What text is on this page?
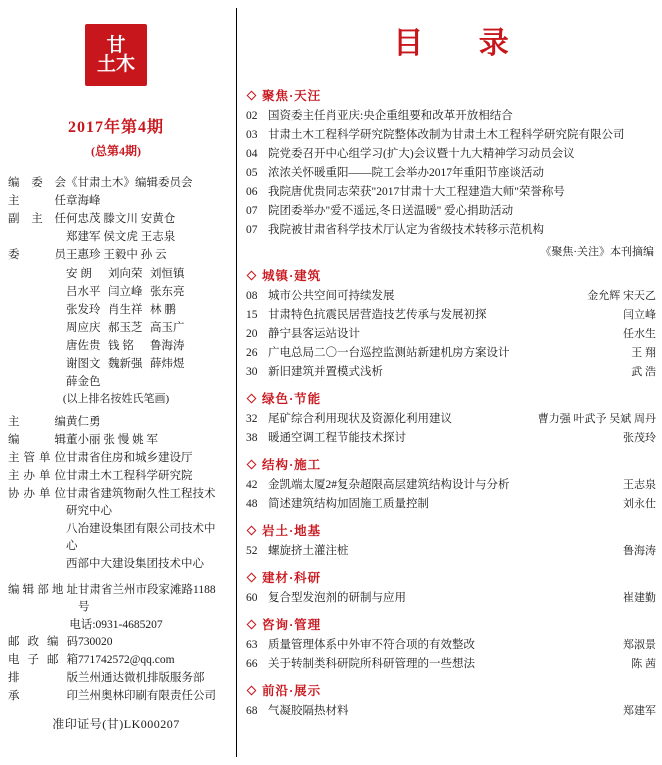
甘
土木
2017年第4期
(总第4期)
编委会 《甘肃土木》编辑委员会
主 任 章海峰
副主任 何忠茂 滕文川 安黄仓
郑建军 侯文虎 王志泉
委 员 王惠珍 王毅中 孙 云
安 朗	刘向荣 刘恒镇
吕水平 闫立峰 张东亮
张发玲 肖生祥 林 鹏
周应庆 郝玉芝 高玉广
唐佐贵 钱 铭	鲁海涛
谢图文 魏新强 薛炜煜
薛金色
(以上排名按姓氏笔画)
主 编 黄仁勇
编 辑 董小丽 张 慢 姚 军
主管单位 甘肃省住房和城乡建设厅
主办单位 甘肃土木工程科学研究院
协办单位 甘肃省建筑物耐久性工程技术研究中心
八冶建设集团有限公司技术中心
西部中大建设集团技术中心
编辑部地址 甘肃省兰州市段家滩路1188号
电话:0931-4685207
邮政编码 730020
电子邮箱 771742572@qq.com
排 版 兰州通达微机排版服务部
承 印 兰州奥林印刷有限责任公司
准印证号(甘)LK000207
目 录
聚焦·天汪
02 国资委主任肖亚庆:央企重组要和改革开放相结合
03 甘肃土木工程科学研究院整体改制为甘肃土木工程科学研究院有限公司
04 院党委召开中心组学习(扩大)会议暨十九大精神学习动员会议
05 浓浓关怀暖重阳——院工会举办2017年重阳节座谈活动
06 我院唐优贵同志荣获"2017甘肃十大工程建造大师"荣誉称号
07 院团委举办"爱不遥远,冬日送温暖" 爱心捐助活动
07 我院被甘肃省科学技术厅认定为省级技术转移示范机构
《聚焦·关注》本刊摘编
城镇·建筑
08 城市公共空间可持续发展	金允辉 宋天乙
15 甘肃特色抗震民居营造技艺传承与发展初探	闫立峰
20 静宁县客运站设计	任水生
26 广电总局二〇一台巡控监测站新建机房方案设计	王 翔
30 新旧建筑并置模式浅析	武 浩
绿色·节能
32 尾矿综合利用现状及资源化利用建议	曹力强 叶武予 吴斌 周丹
38 暖通空调工程节能技术探讨	张茂玲
结构·施工
42 金凯端太厦2#复杂超限高层建筑结构设计与分析	王志泉
48 简述建筑结构加固施工质量控制	刘永仕
岩土·地基
52 螺旋挤土灌注桩	鲁海涛
建材·科研
60 复合型发泡剂的研制与应用	崔建勤
咨询·管理
63 质量管理体系中外审不符合项的有效整改	郑淑景
66 关于转制类科研院所科研管理的一些想法	陈 茜
前沿·展示
68 气凝胶隔热材料	郑建军
